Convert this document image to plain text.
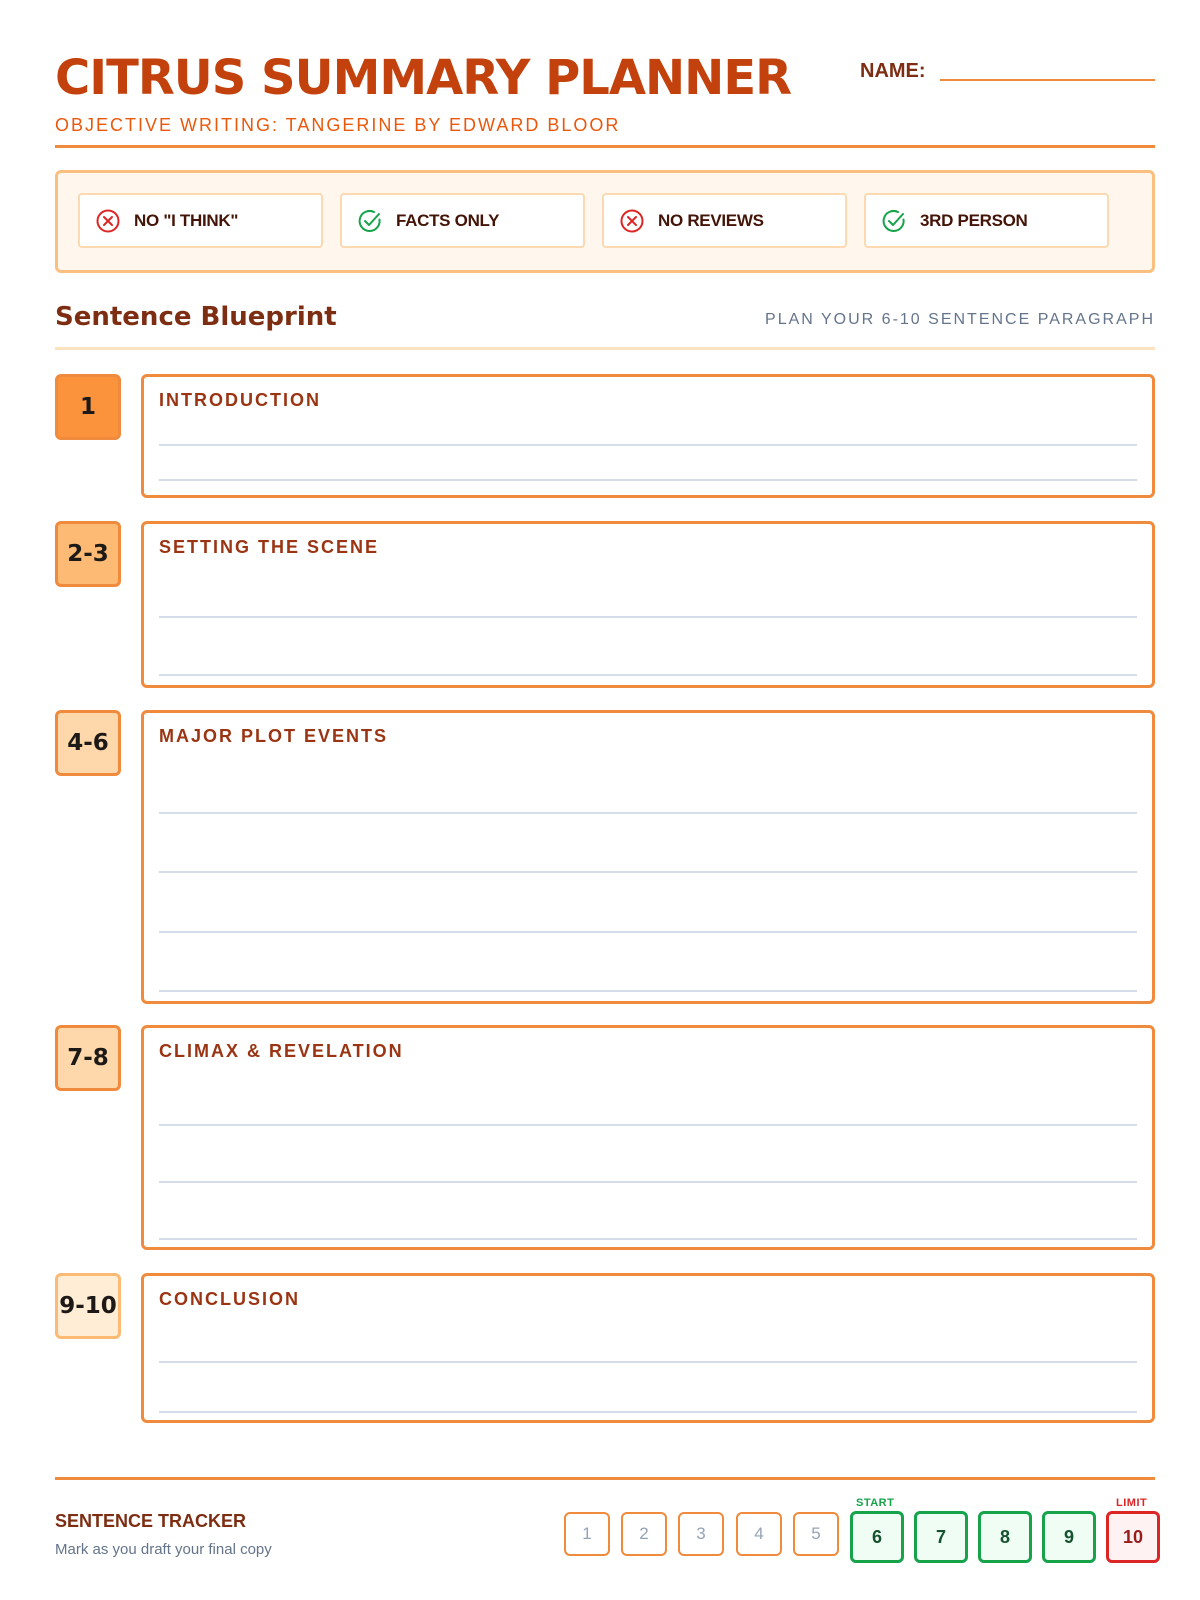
CITRUS SUMMARY PLANNER
OBJECTIVE WRITING: TANGERINE BY EDWARD BLOOR
NAME:
NO "I THINK"	FACTS ONLY	NO REVIEWS	3RD PERSON
Sentence Blueprint	PLAN YOUR 6-10 SENTENCE PARAGRAPH
1	INTRODUCTION
2-3	SETTING THE SCENE
4-6	MAJOR PLOT EVENTS
7-8	CLIMAX & REVELATION
9-10 CONCLUSION
SENTENCE TRACKER
Mark as you draft your final copy
START	LIMIT
1	2	3	4	5	6	7	8	9	10
